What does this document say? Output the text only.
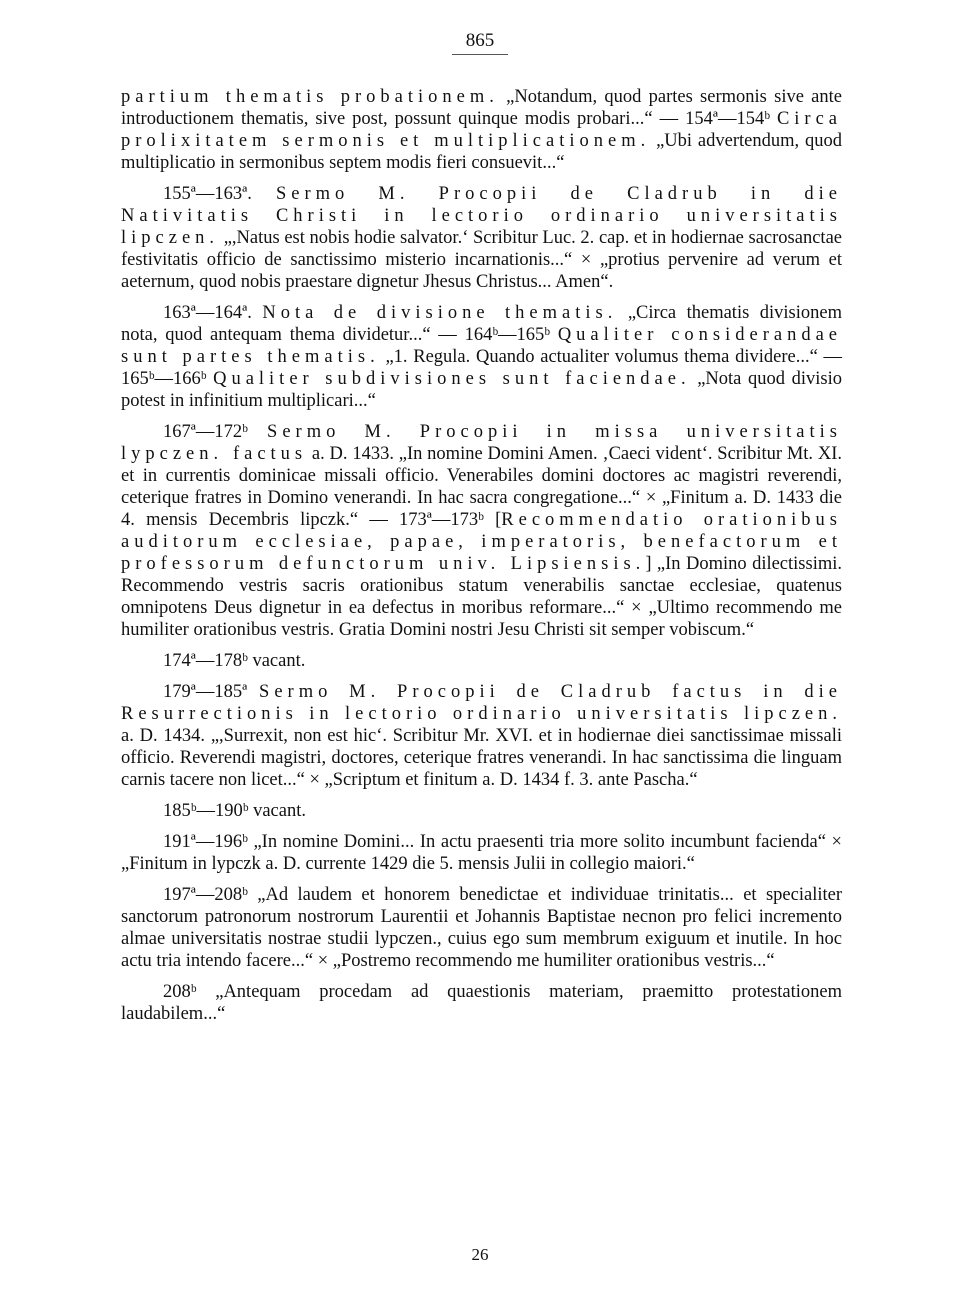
865

partium thematis probationem. „Notandum, quod partes sermonis sive ante introductionem thematis, sive post, possunt quinque modis probari...“ — 154ª—154ᵇ Circa prolixitatem sermonis et multiplicationem. „Ubi advertendum, quod multiplicatio in sermonibus septem modis fieri consuevit...“

155ª—163ª. Sermo M. Procopii de Cladrub in die Nativitatis Christi in lectorio ordinario universitatis lipczen. „,Natus est nobis hodie salvator.‘ Scribitur Luc. 2. cap. et in hodiernae sacrosanctae festivitatis officio de sanctissimo misterio incarnationis...“ × „protius pervenire ad verum et aeternum, quod nobis praestare dignetur Jhesus Christus... Amen“.

163ª—164ª. Nota de divisione thematis. „Circa thematis divisionem nota, quod antequam thema dividetur...“ — 164ᵇ—165ᵇ Qualiter considerandae sunt partes thematis. „1. Regula. Quando actualiter volumus thema dividere...“ — 165ᵇ—166ᵇ Qualiter subdivisiones sunt faciendae. „Nota quod divisio potest in infinitium multiplicari...“

167ª—172ᵇ Sermo M. Procopii in missa universitatis lypczen. factus a. D. 1433. „In nomine Domini Amen. ‚Caeci vident‘. Scribitur Mt. XI. et in currentis dominicae missali officio. Venerabiles domini doctores ac magistri reverendi, ceterique fratres in Domino venerandi. In hac sacra congregatione...“ × „Finitum a. D. 1433 die 4. mensis Decembris lipczk.“ — 173ª—173ᵇ [Recommendatio orationibus auditorum ecclesiae, papae, imperatoris, benefactorum et professorum defunctorum univ. Lipsiensis.] „In Domino dilectissimi. Recommendo vestris sacris orationibus statum venerabilis sanctae ecclesiae, quatenus omnipotens Deus dignetur in ea defectus in moribus reformare...“ × „Ultimo recommendo me humiliter orationibus vestris. Gratia Domini nostri Jesu Christi sit semper vobiscum.“

174ª—178ᵇ vacant.

179ª—185ª Sermo M. Procopii de Cladrub factus in die Resurrectionis in lectorio ordinario universitatis lipczen. a. D. 1434. „,Surrexit, non est hic‘. Scribitur Mr. XVI. et in hodiernae diei sanctissimae missali officio. Reverendi magistri, doctores, ceterique fratres venerandi. In hac sanctissima die linguam carnis tacere non licet...“ × „Scriptum et finitum a. D. 1434 f. 3. ante Pascha.“

185ᵇ—190ᵇ vacant.

191ª—196ᵇ „In nomine Domini... In actu praesenti tria more solito incumbunt facienda“ × „Finitum in lypczk a. D. currente 1429 die 5. mensis Julii in collegio maiori.“

197ª—208ᵇ „Ad laudem et honorem benedictae et individuae trinitatis... et specialiter sanctorum patronorum nostrorum Laurentii et Johannis Baptistae necnon pro felici incremento almae universitatis nostrae studii lypczen., cuius ego sum membrum exiguum et inutile. In hoc actu tria intendo facere...“ × „Postremo recommendo me humiliter orationibus vestris...“

208ᵇ „Antequam procedam ad quaestionis materiam, praemitto protestationem laudabilem...“

26
